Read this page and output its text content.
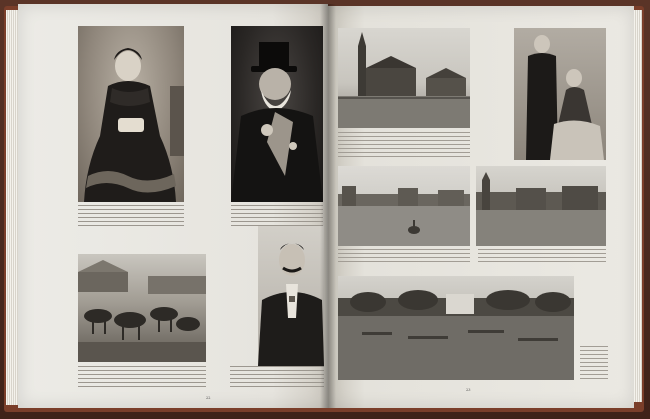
22
23
